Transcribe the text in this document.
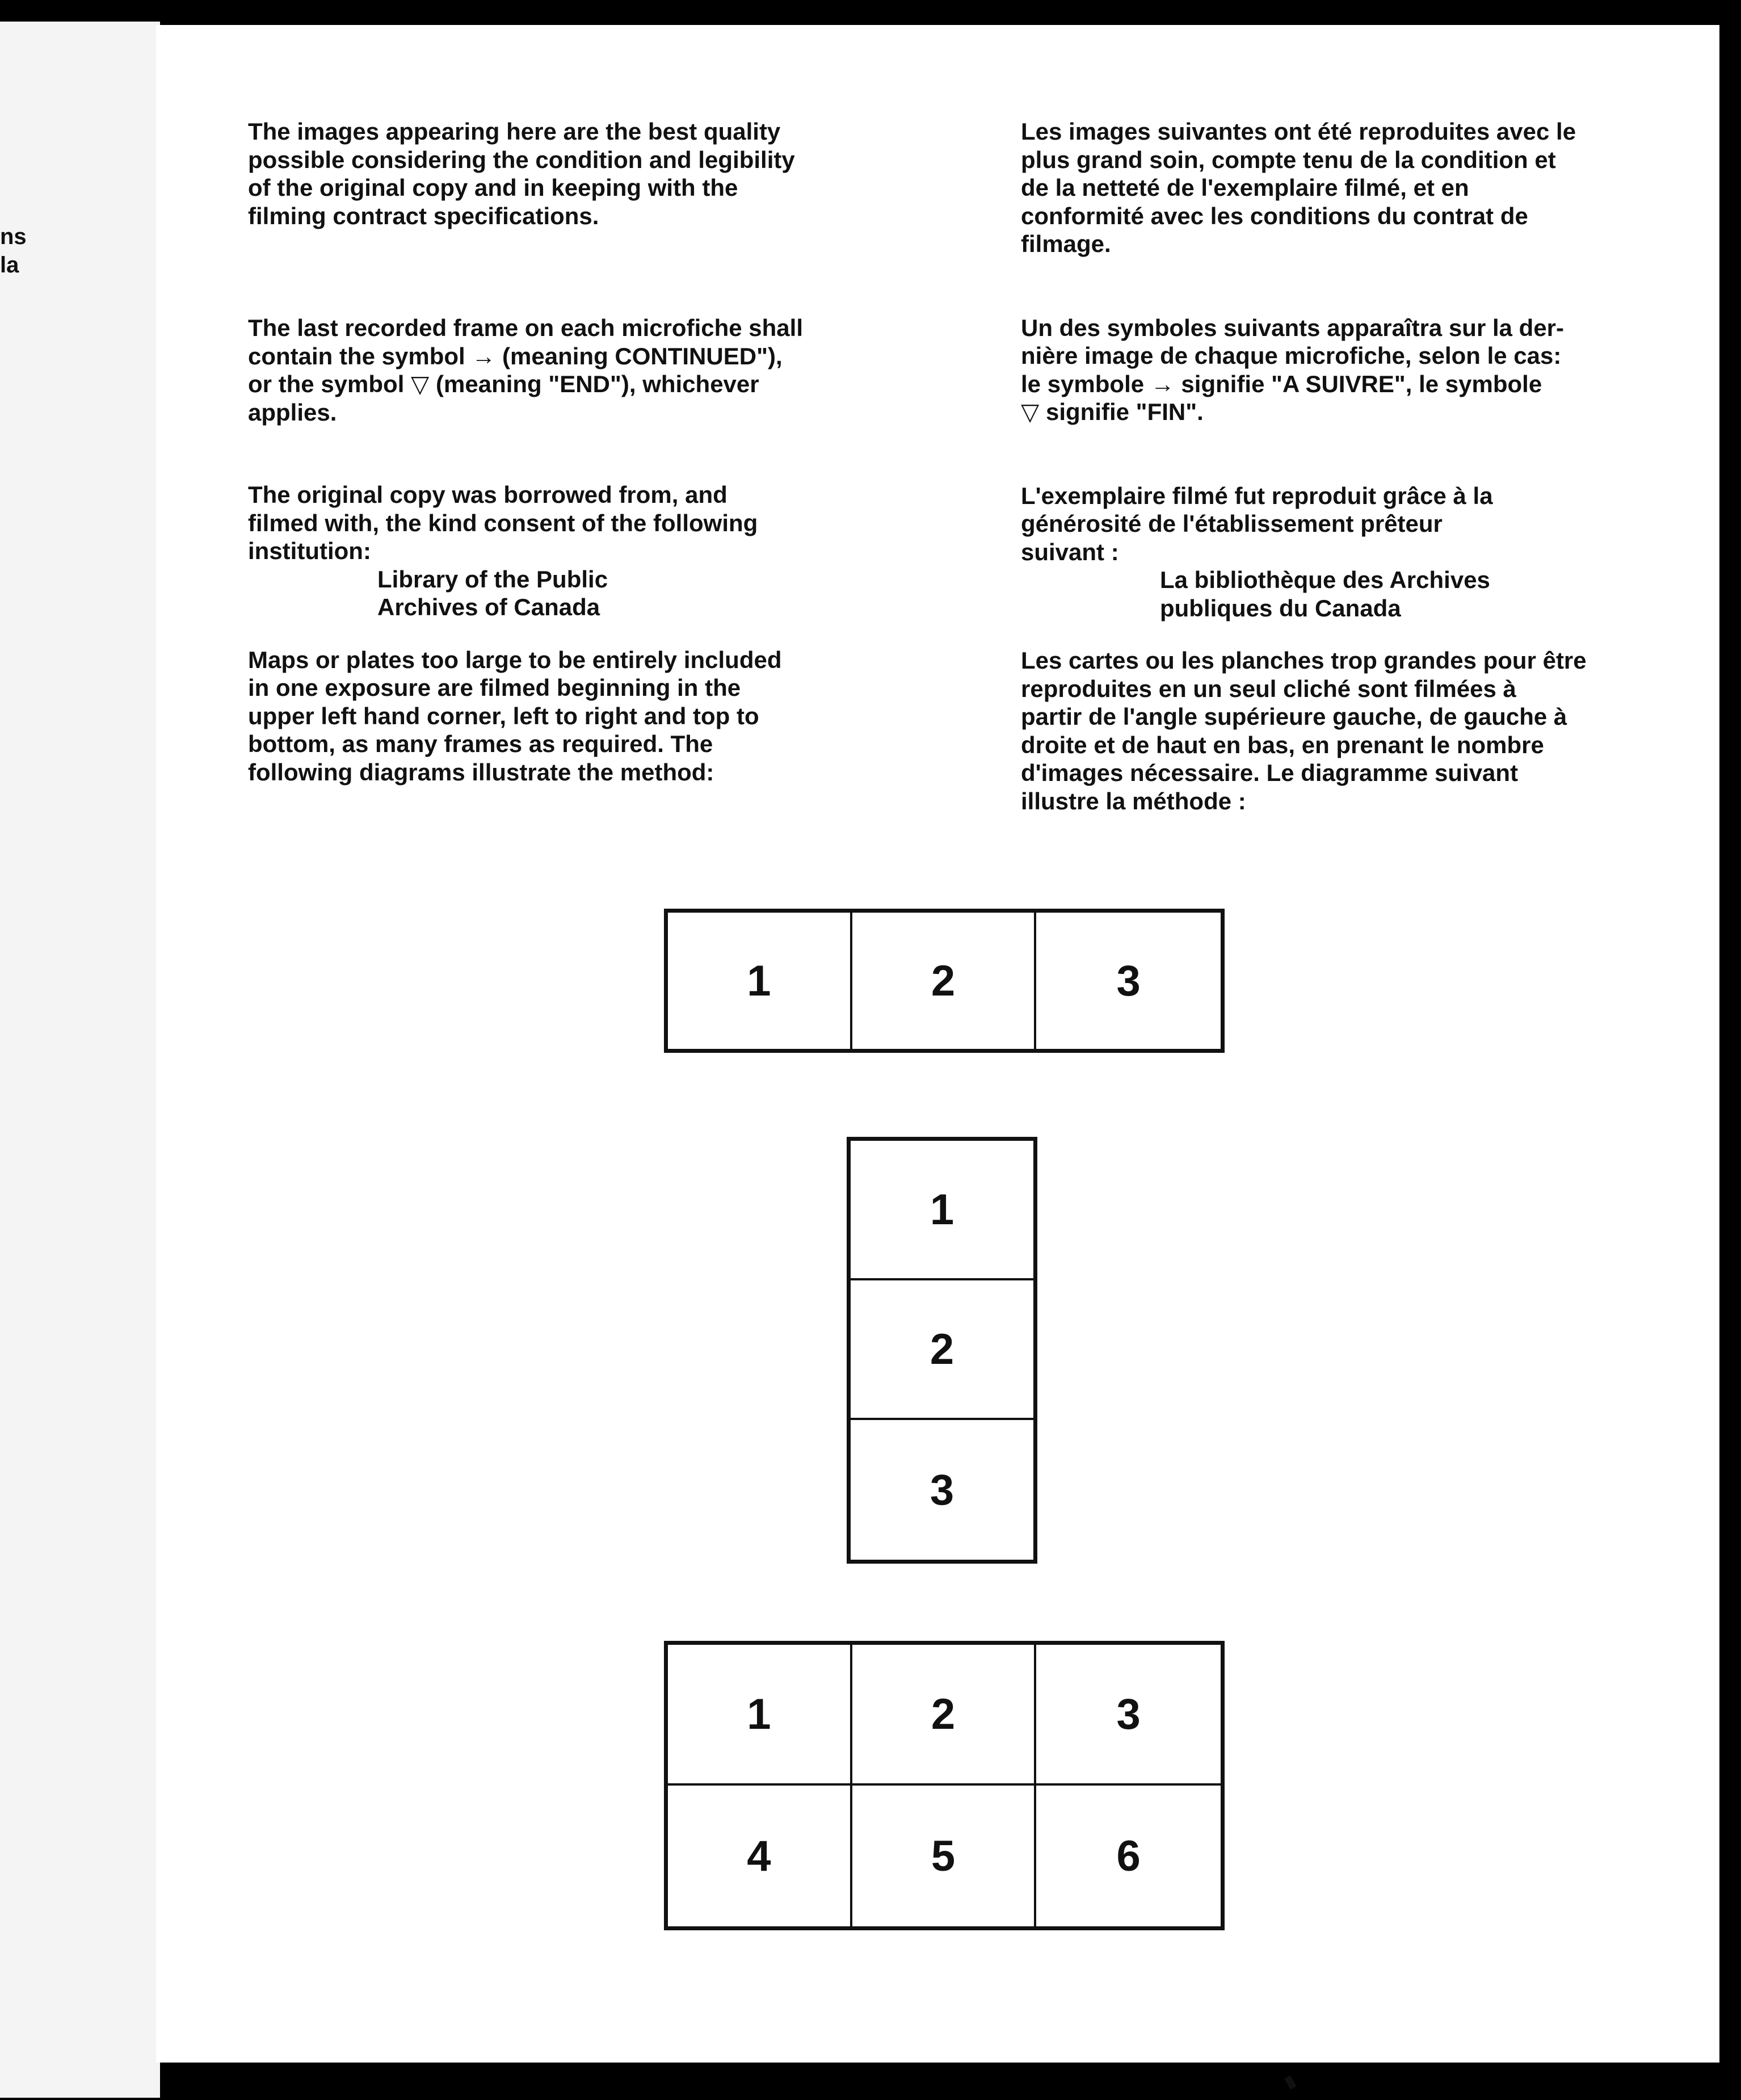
ns
la

The images appearing here are the best quality
possible considering the condition and legibility
of the original copy and in keeping with the
filming contract specifications.

The last recorded frame on each microfiche shall
contain the symbol → (meaning CONTINUED"),
or the symbol ▽ (meaning "END"), whichever
applies.

The original copy was borrowed from, and
filmed with, the kind consent of the following
institution:

Library of the Public
Archives of Canada

Maps or plates too large to be entirely included
in one exposure are filmed beginning in the
upper left hand corner, left to right and top to
bottom, as many frames as required. The
following diagrams illustrate the method:

Les images suivantes ont été reproduites avec le
plus grand soin, compte tenu de la condition et
de la netteté de l'exemplaire filmé, et en
conformité avec les conditions du contrat de
filmage.

Un des symboles suivants apparaîtra sur la der-
nière image de chaque microfiche, selon le cas:
le symbole → signifie "A SUIVRE", le symbole
▽ signifie "FIN".

L'exemplaire filmé fut reproduit grâce à la
générosité de l'établissement prêteur
suivant :

La bibliothèque des Archives
publiques du Canada

Les cartes ou les planches trop grandes pour être
reproduites en un seul cliché sont filmées à
partir de l'angle supérieure gauche, de gauche à
droite et de haut en bas, en prenant le nombre
d'images nécessaire. Le diagramme suivant
illustre la méthode :

1	2	3
1
2
3
1	2	3
4	5	6
